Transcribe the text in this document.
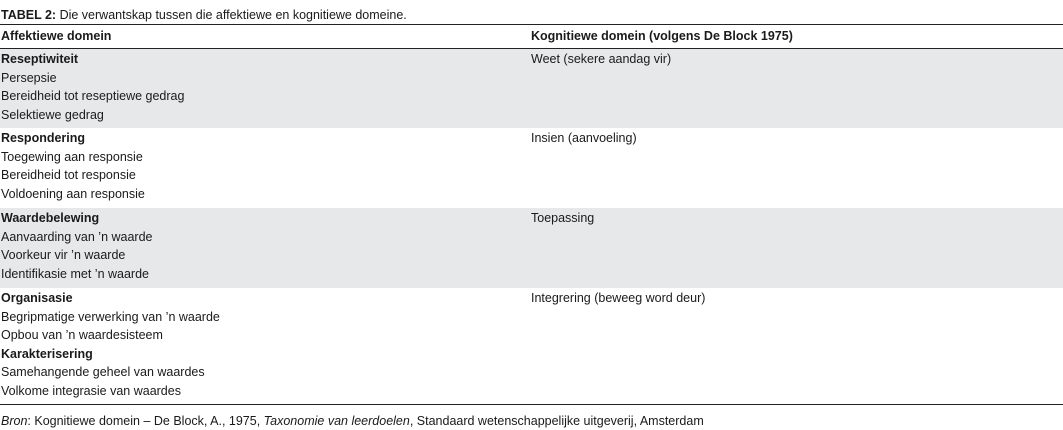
TABEL 2: Die verwantskap tussen die affektiewe en kognitiewe domeine.
Affektiewe domein	Kognitiewe domein (volgens De Block 1975)
Reseptiwiteit
Persepsie
Bereidheid tot reseptiewe gedrag
Selektiewe gedrag
Weet (sekere aandag vir)
Respondering
Toegewing aan responsie
Bereidheid tot responsie
Voldoening aan responsie
Insien (aanvoeling)
Waardebelewing
Aanvaarding van ’n waarde
Voorkeur vir ’n waarde
Identifikasie met ’n waarde
Toepassing
Organisasie
Begripmatige verwerking van ’n waarde
Opbou van ’n waardesisteem
Karakterisering
Samehangende geheel van waardes
Volkome integrasie van waardes
Integrering (beweeg word deur)
Bron: Kognitiewe domein – De Block, A., 1975, Taxonomie van leerdoelen, Standaard wetenschappelijke uitgeverij, Amsterdam
